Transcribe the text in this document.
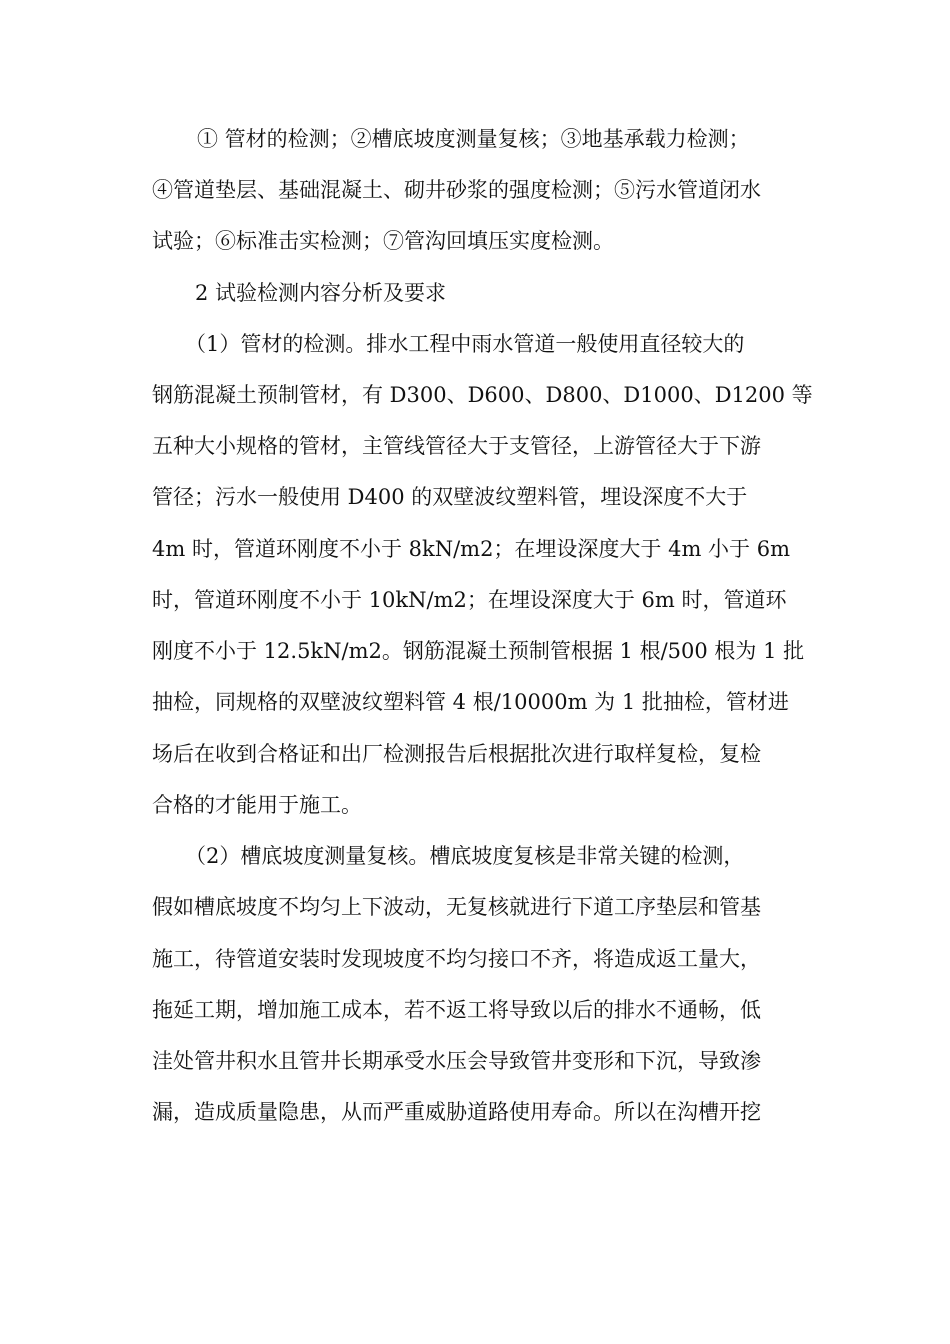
① 管材的检测；②槽底坡度测量复核；③地基承载力检测；
④管道垫层、基础混凝土、砌井砂浆的强度检测；⑤污水管道闭水
试验；⑥标准击实检测；⑦管沟回填压实度检测。
2 试验检测内容分析及要求
（1）管材的检测。排水工程中雨水管道一般使用直径较大的
钢筋混凝土预制管材，有 D300、D600、D800、D1000、D1200 等
五种大小规格的管材，主管线管径大于支管径，上游管径大于下游
管径；污水一般使用 D400 的双壁波纹塑料管，埋设深度不大于
4m 时，管道环刚度不小于 8kN/m2；在埋设深度大于 4m 小于 6m
时，管道环刚度不小于 10kN/m2；在埋设深度大于 6m 时，管道环
刚度不小于 12.5kN/m2。钢筋混凝土预制管根据 1 根/500 根为 1 批
抽检，同规格的双壁波纹塑料管 4 根/10000m 为 1 批抽检，管材进
场后在收到合格证和出厂检测报告后根据批次进行取样复检，复检
合格的才能用于施工。
（2）槽底坡度测量复核。槽底坡度复核是非常关键的检测，
假如槽底坡度不均匀上下波动，无复核就进行下道工序垫层和管基
施工，待管道安装时发现坡度不均匀接口不齐，将造成返工量大，
拖延工期，增加施工成本，若不返工将导致以后的排水不通畅，低
洼处管井积水且管井长期承受水压会导致管井变形和下沉，导致渗
漏，造成质量隐患，从而严重威胁道路使用寿命。所以在沟槽开挖
